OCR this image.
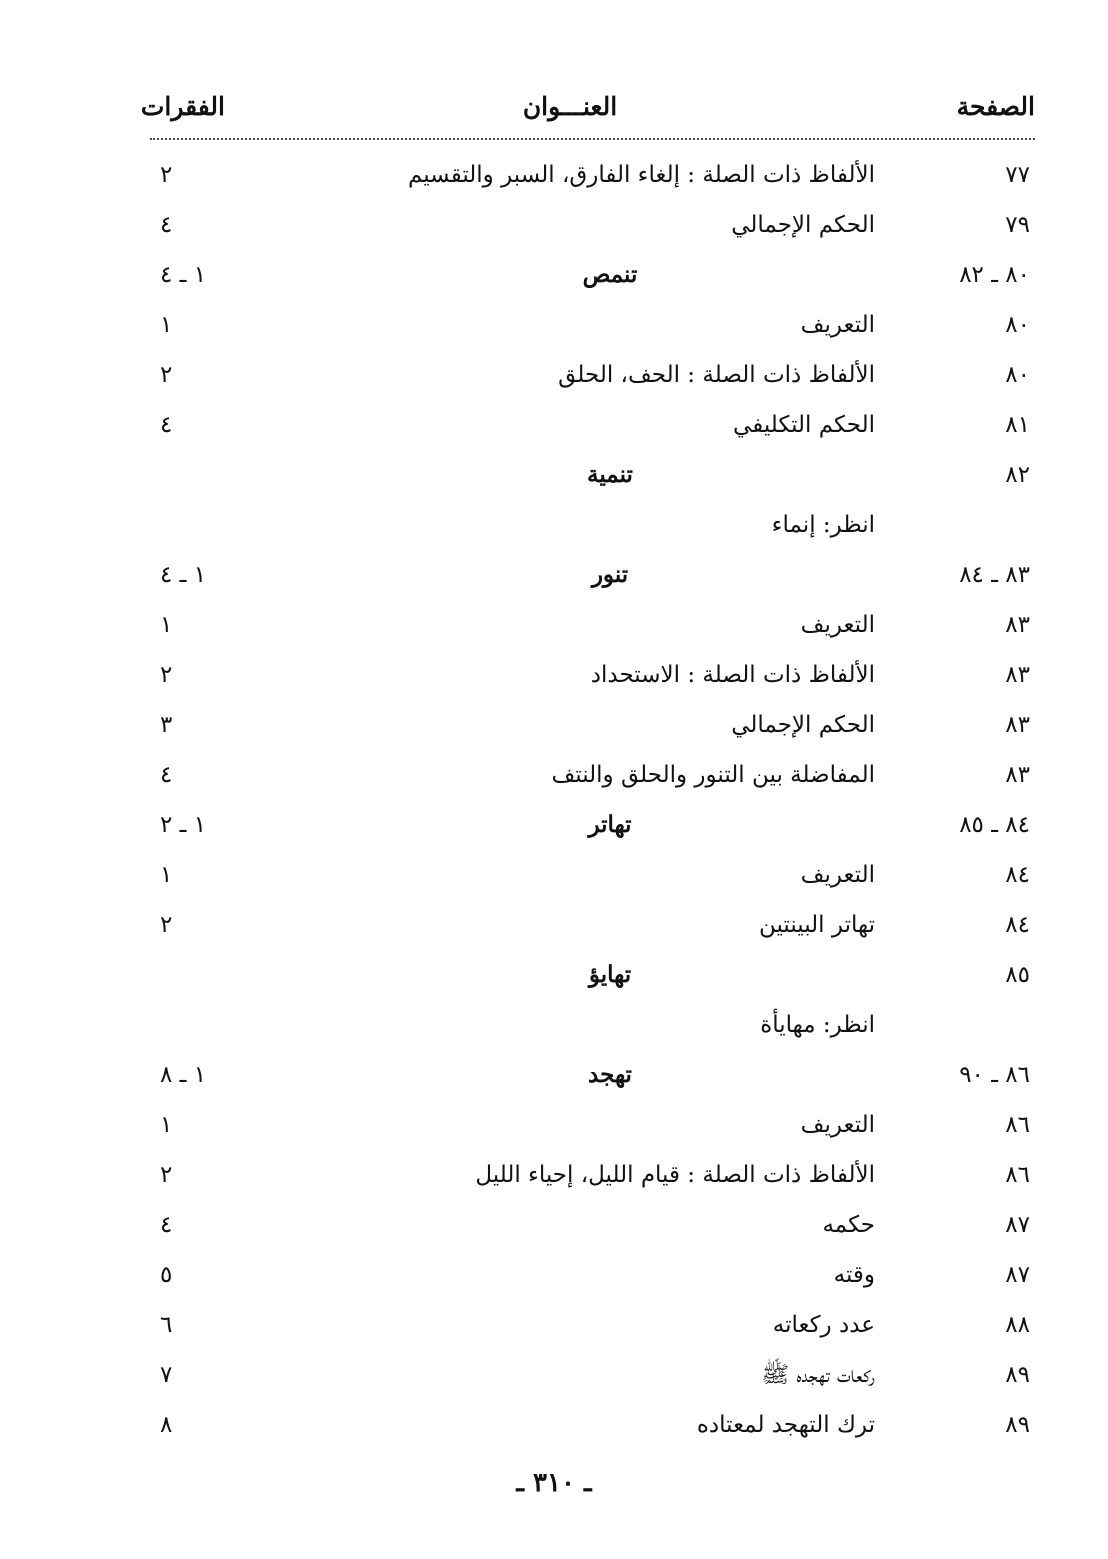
الصفحة
العنـــوان
الفقرات
٧٧
الألفاظ ذات الصلة : إلغاء الفارق، السبر والتقسيم
٢
٧٩
الحكم الإجمالي
٤
٨٠ ـ ٨٢
تنمص
١ ـ ٤
٨٠
التعريف
١
٨٠
الألفاظ ذات الصلة : الحف، الحلق
٢
٨١
الحكم التكليفي
٤
٨٢
تنمية
انظر: إنماء
٨٣ ـ ٨٤
تنور
١ ـ ٤
٨٣
التعريف
١
٨٣
الألفاظ ذات الصلة : الاستحداد
٢
٨٣
الحكم الإجمالي
٣
٨٣
المفاضلة بين التنور والحلق والنتف
٤
٨٤ ـ ٨٥
تهاتر
١ ـ ٢
٨٤
التعريف
١
٨٤
تهاتر البينتين
٢
٨٥
تهايؤ
انظر: مهايأة
٨٦ ـ ٩٠
تهجد
١ ـ ٨
٨٦
التعريف
١
٨٦
الألفاظ ذات الصلة : قيام الليل، إحياء الليل
٢
٨٧
حكمه
٤
٨٧
وقته
٥
٨٨
عدد ركعاته
٦
٨٩
ركعات تهجده ﷺ
٧
٨٩
ترك التهجد لمعتاده
٨
ـ ٣١٠ ـ
